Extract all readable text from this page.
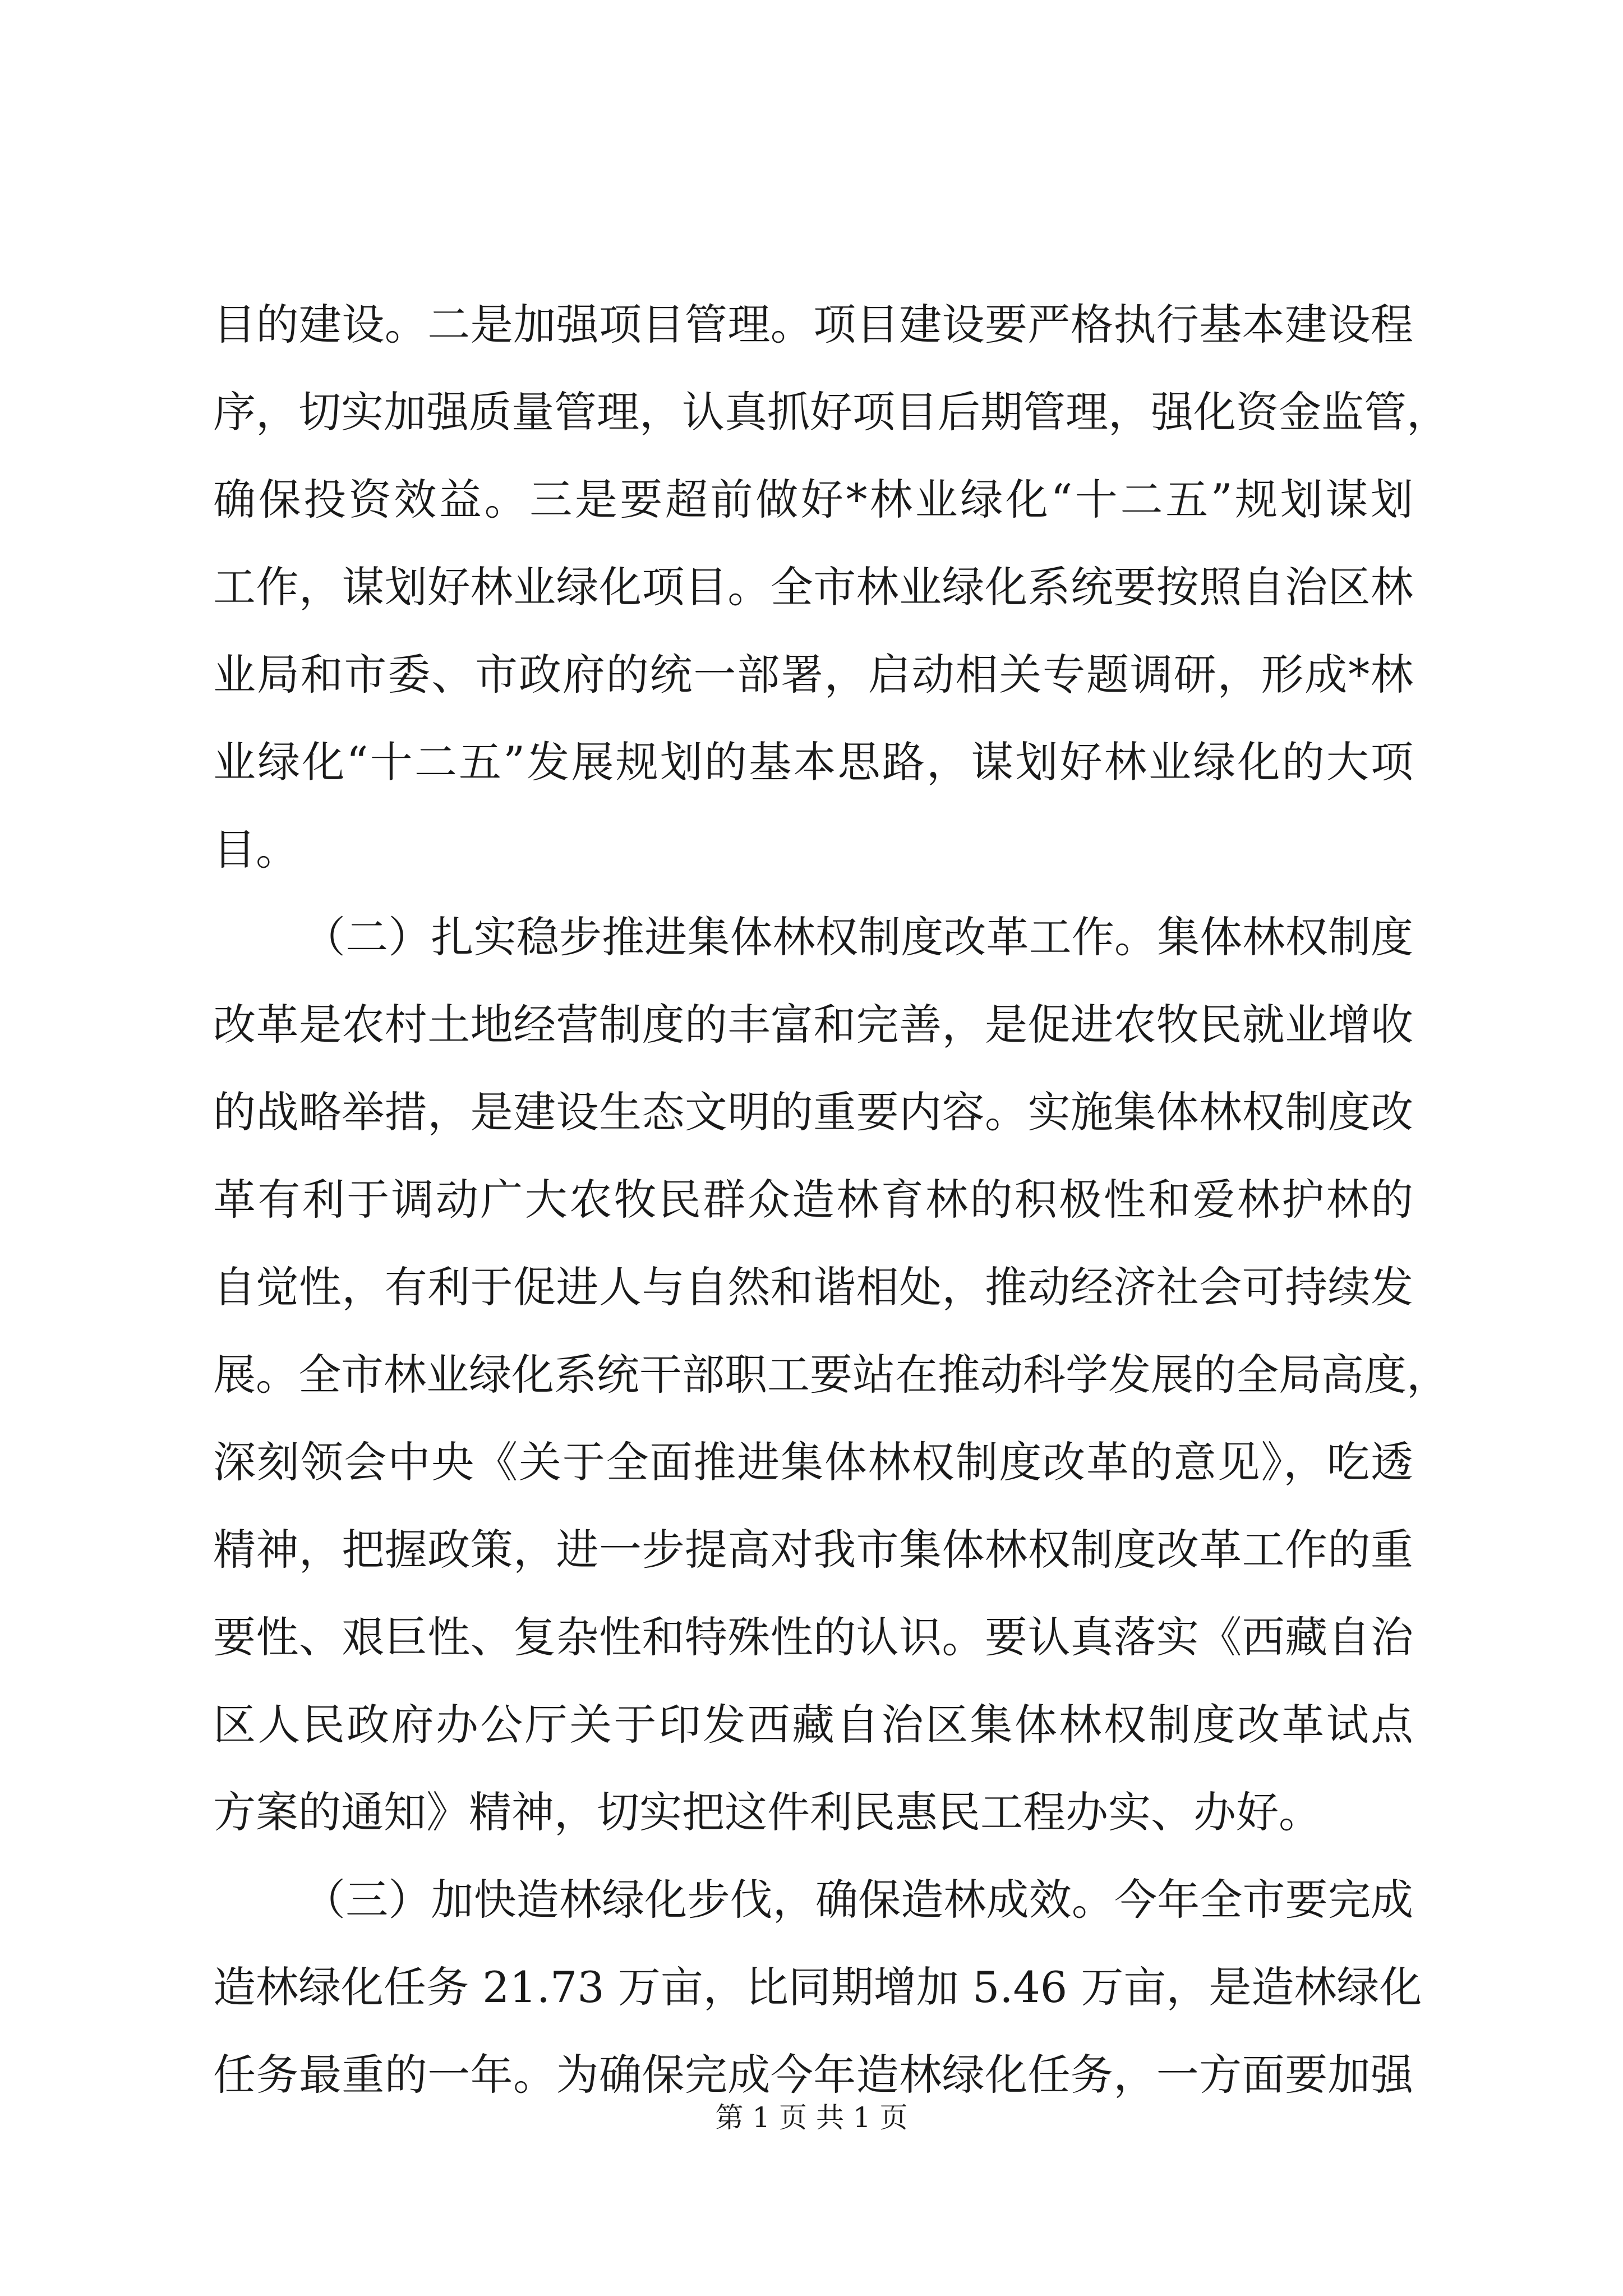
目的建设。二是加强项目管理。项目建设要严格执行基本建设程
序，切实加强质量管理，认真抓好项目后期管理，强化资金监管，
确保投资效益。三是要超前做好*林业绿化“十二五”规划谋划
工作，谋划好林业绿化项目。全市林业绿化系统要按照自治区林
业局和市委、市政府的统一部署，启动相关专题调研，形成*林
业绿化“十二五”发展规划的基本思路，谋划好林业绿化的大项
目。
（二）扎实稳步推进集体林权制度改革工作。集体林权制度
改革是农村土地经营制度的丰富和完善，是促进农牧民就业增收
的战略举措，是建设生态文明的重要内容。实施集体林权制度改
革有利于调动广大农牧民群众造林育林的积极性和爱林护林的
自觉性，有利于促进人与自然和谐相处，推动经济社会可持续发
展。全市林业绿化系统干部职工要站在推动科学发展的全局高度，
深刻领会中央《关于全面推进集体林权制度改革的意见》，吃透
精神，把握政策，进一步提高对我市集体林权制度改革工作的重
要性、艰巨性、复杂性和特殊性的认识。要认真落实《西藏自治
区人民政府办公厅关于印发西藏自治区集体林权制度改革试点
方案的通知》精神，切实把这件利民惠民工程办实、办好。
（三）加快造林绿化步伐，确保造林成效。今年全市要完成
造林绿化任务 21.73 万亩，比同期增加 5.46 万亩，是造林绿化
任务最重的一年。为确保完成今年造林绿化任务，一方面要加强
第 1 页 共 1 页
